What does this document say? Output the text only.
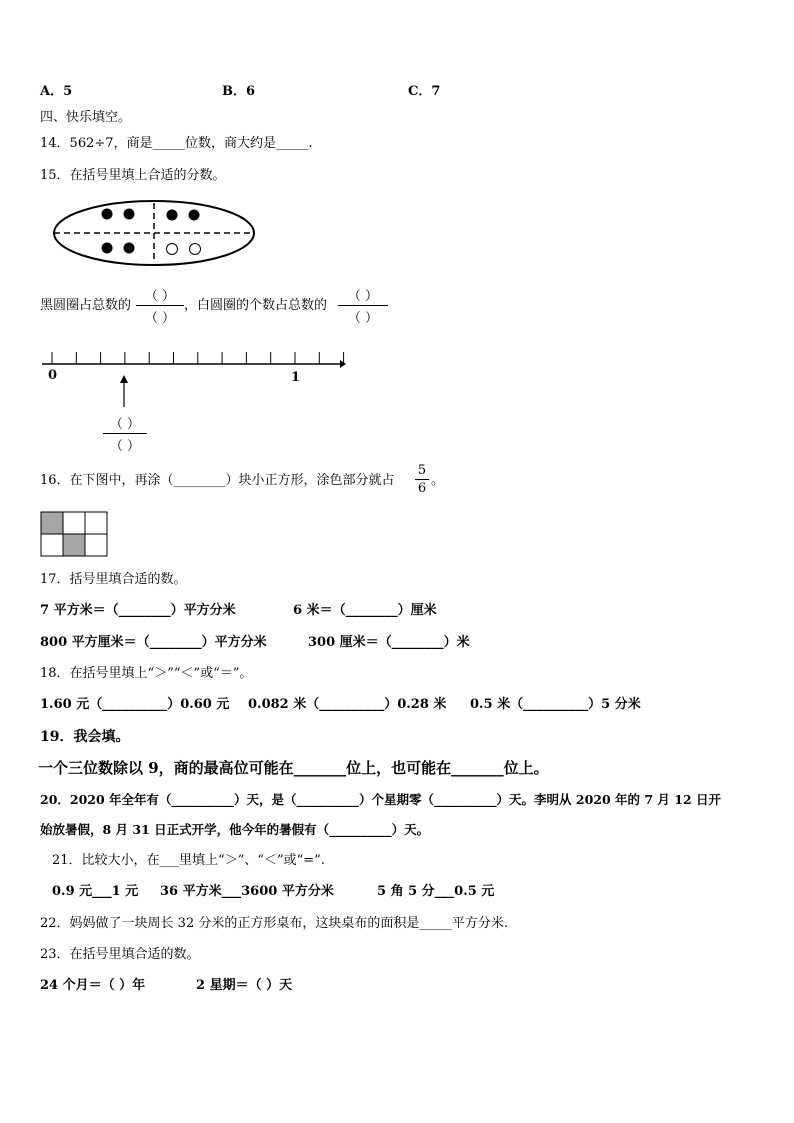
A．5	B．6	C．7
四、快乐填空。
14．562÷7，商是_____位数，商大约是_____.
15．在括号里填上合适的分数。
黑圆圈占总数的
（ ）
（ ）
，白圆圈的个数占总数的
（ ）
（ ）
0	1
（ ）
（ ）
16．在下图中，再涂（________）块小正方形，涂色部分就占
5
6
。
17．括号里填合适的数。
7 平方米＝（________）平方分米	6 米＝（________）厘米
800 平方厘米＝（________）平方分米	300 厘米＝（________）米
18．在括号里填上“＞”“＜”或“＝”。
1.60 元（__________）0.60 元 0.082 米（__________）0.28 米 0.5 米（__________）5 分米
19．我会填。
一个三位数除以 9，商的最高位可能在_______位上，也可能在_______位上。
20．2020 年全年有（__________）天，是（__________）个星期零（__________）天。李明从 2020 年的 7 月 12 日开
始放暑假，8 月 31 日正式开学，他今年的暑假有（__________）天。
21．比较大小，在___里填上“＞”、“＜”或“=”.
0.9 元___1 元 36 平方米___3600 平方分米	5 角 5 分___0.5 元
22．妈妈做了一块周长 32 分米的正方形桌布，这块桌布的面积是_____平方分米.
23．在括号里填合适的数。
24 个月＝（ ）年	2 星期＝（ ）天
